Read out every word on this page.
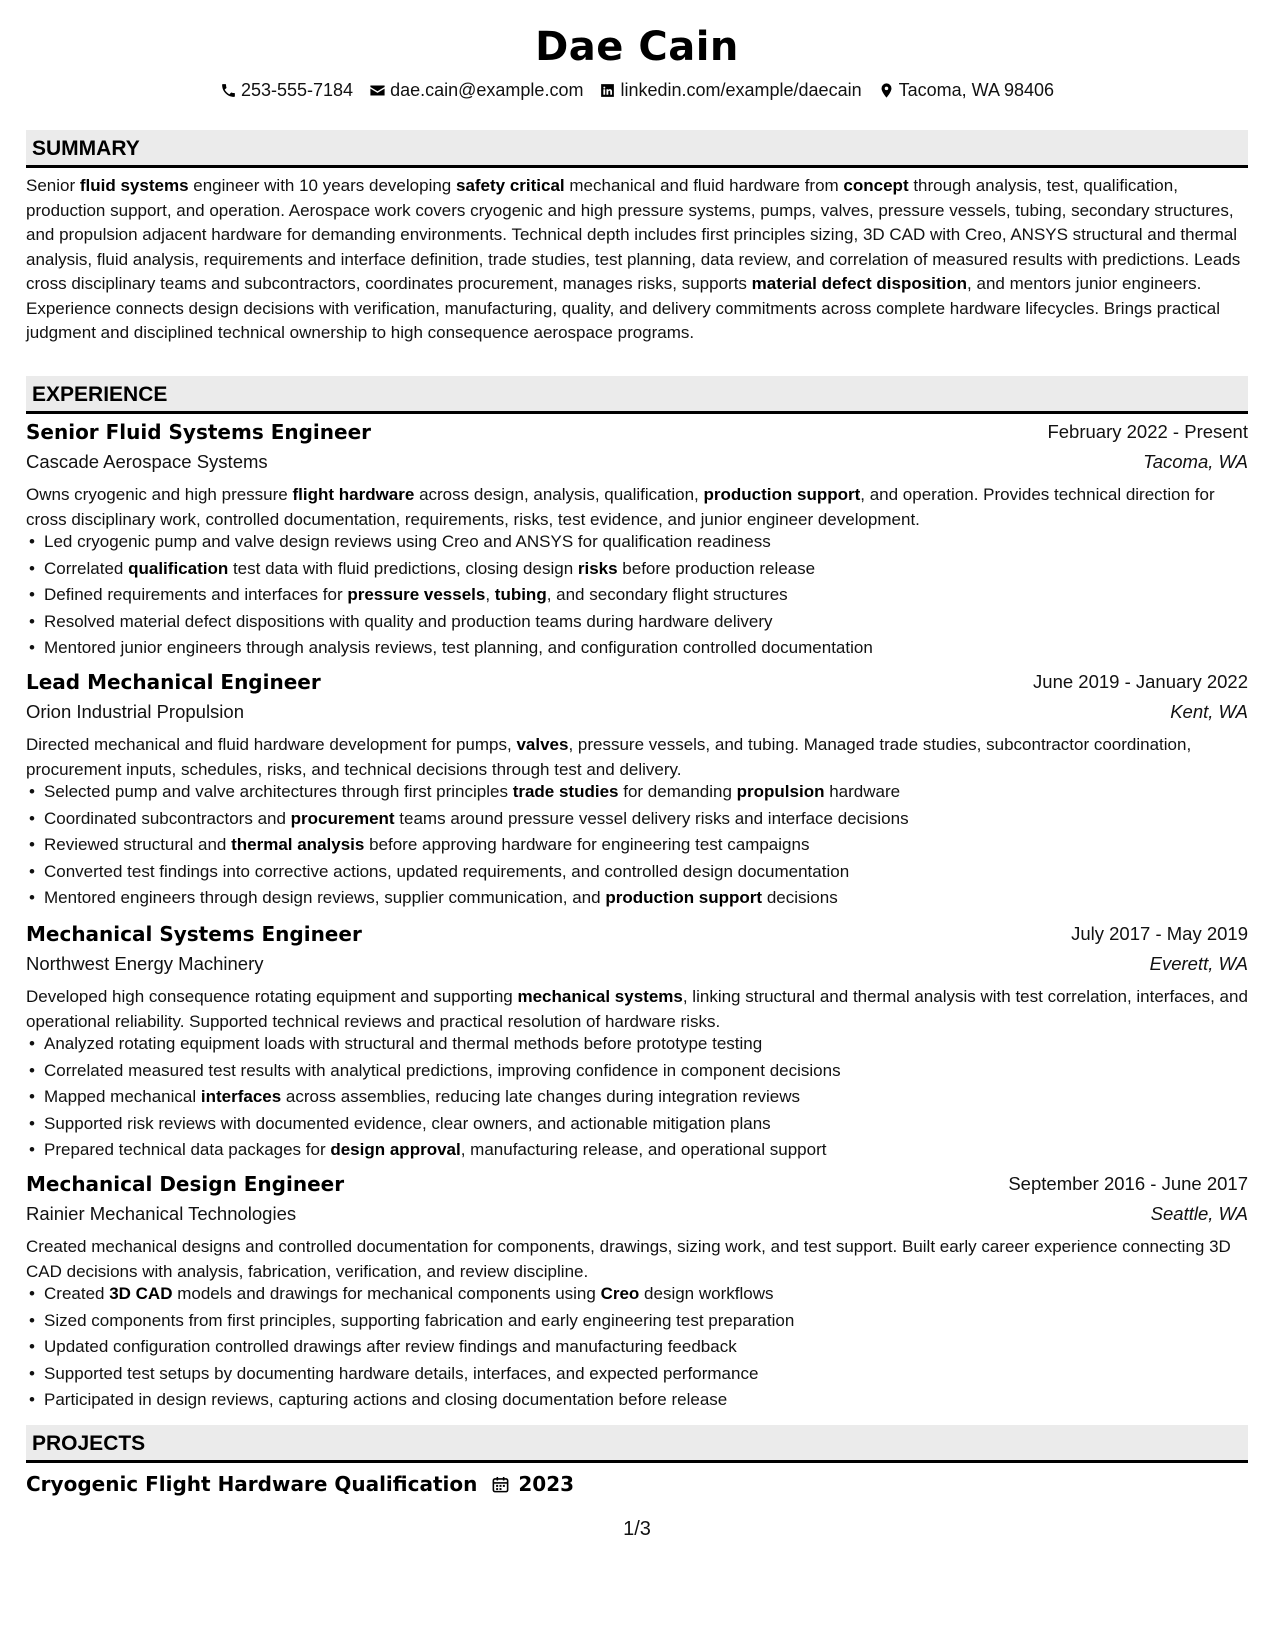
Dae Cain
253-555-7184 dae.cain@example.com linkedin.com/example/daecain Tacoma, WA 98406
SUMMARY
Senior fluid systems engineer with 10 years developing safety critical mechanical and fluid hardware from concept through analysis, test, qualification, production support, and operation. Aerospace work covers cryogenic and high pressure systems, pumps, valves, pressure vessels, tubing, secondary structures, and propulsion adjacent hardware for demanding environments. Technical depth includes first principles sizing, 3D CAD with Creo, ANSYS structural and thermal analysis, fluid analysis, requirements and interface definition, trade studies, test planning, data review, and correlation of measured results with predictions. Leads cross disciplinary teams and subcontractors, coordinates procurement, manages risks, supports material defect disposition, and mentors junior engineers. Experience connects design decisions with verification, manufacturing, quality, and delivery commitments across complete hardware lifecycles. Brings practical judgment and disciplined technical ownership to high consequence aerospace programs.
EXPERIENCE
Senior Fluid Systems Engineer	February 2022 - Present
Cascade Aerospace Systems	Tacoma, WA
Owns cryogenic and high pressure flight hardware across design, analysis, qualification, production support, and operation. Provides technical direction for cross disciplinary work, controlled documentation, requirements, risks, test evidence, and junior engineer development.
• Led cryogenic pump and valve design reviews using Creo and ANSYS for qualification readiness
• Correlated qualification test data with fluid predictions, closing design risks before production release
• Defined requirements and interfaces for pressure vessels, tubing, and secondary flight structures
• Resolved material defect dispositions with quality and production teams during hardware delivery
• Mentored junior engineers through analysis reviews, test planning, and configuration controlled documentation
Lead Mechanical Engineer	June 2019 - January 2022
Orion Industrial Propulsion	Kent, WA
Directed mechanical and fluid hardware development for pumps, valves, pressure vessels, and tubing. Managed trade studies, subcontractor coordination, procurement inputs, schedules, risks, and technical decisions through test and delivery.
• Selected pump and valve architectures through first principles trade studies for demanding propulsion hardware
• Coordinated subcontractors and procurement teams around pressure vessel delivery risks and interface decisions
• Reviewed structural and thermal analysis before approving hardware for engineering test campaigns
• Converted test findings into corrective actions, updated requirements, and controlled design documentation
• Mentored engineers through design reviews, supplier communication, and production support decisions
Mechanical Systems Engineer	July 2017 - May 2019
Northwest Energy Machinery	Everett, WA
Developed high consequence rotating equipment and supporting mechanical systems, linking structural and thermal analysis with test correlation, interfaces, and operational reliability. Supported technical reviews and practical resolution of hardware risks.
• Analyzed rotating equipment loads with structural and thermal methods before prototype testing
• Correlated measured test results with analytical predictions, improving confidence in component decisions
• Mapped mechanical interfaces across assemblies, reducing late changes during integration reviews
• Supported risk reviews with documented evidence, clear owners, and actionable mitigation plans
• Prepared technical data packages for design approval, manufacturing release, and operational support
Mechanical Design Engineer	September 2016 - June 2017
Rainier Mechanical Technologies	Seattle, WA
Created mechanical designs and controlled documentation for components, drawings, sizing work, and test support. Built early career experience connecting 3D CAD decisions with analysis, fabrication, verification, and review discipline.
• Created 3D CAD models and drawings for mechanical components using Creo design workflows
• Sized components from first principles, supporting fabrication and early engineering test preparation
• Updated configuration controlled drawings after review findings and manufacturing feedback
• Supported test setups by documenting hardware details, interfaces, and expected performance
• Participated in design reviews, capturing actions and closing documentation before release
PROJECTS
Cryogenic Flight Hardware Qualification 2023
1/3
